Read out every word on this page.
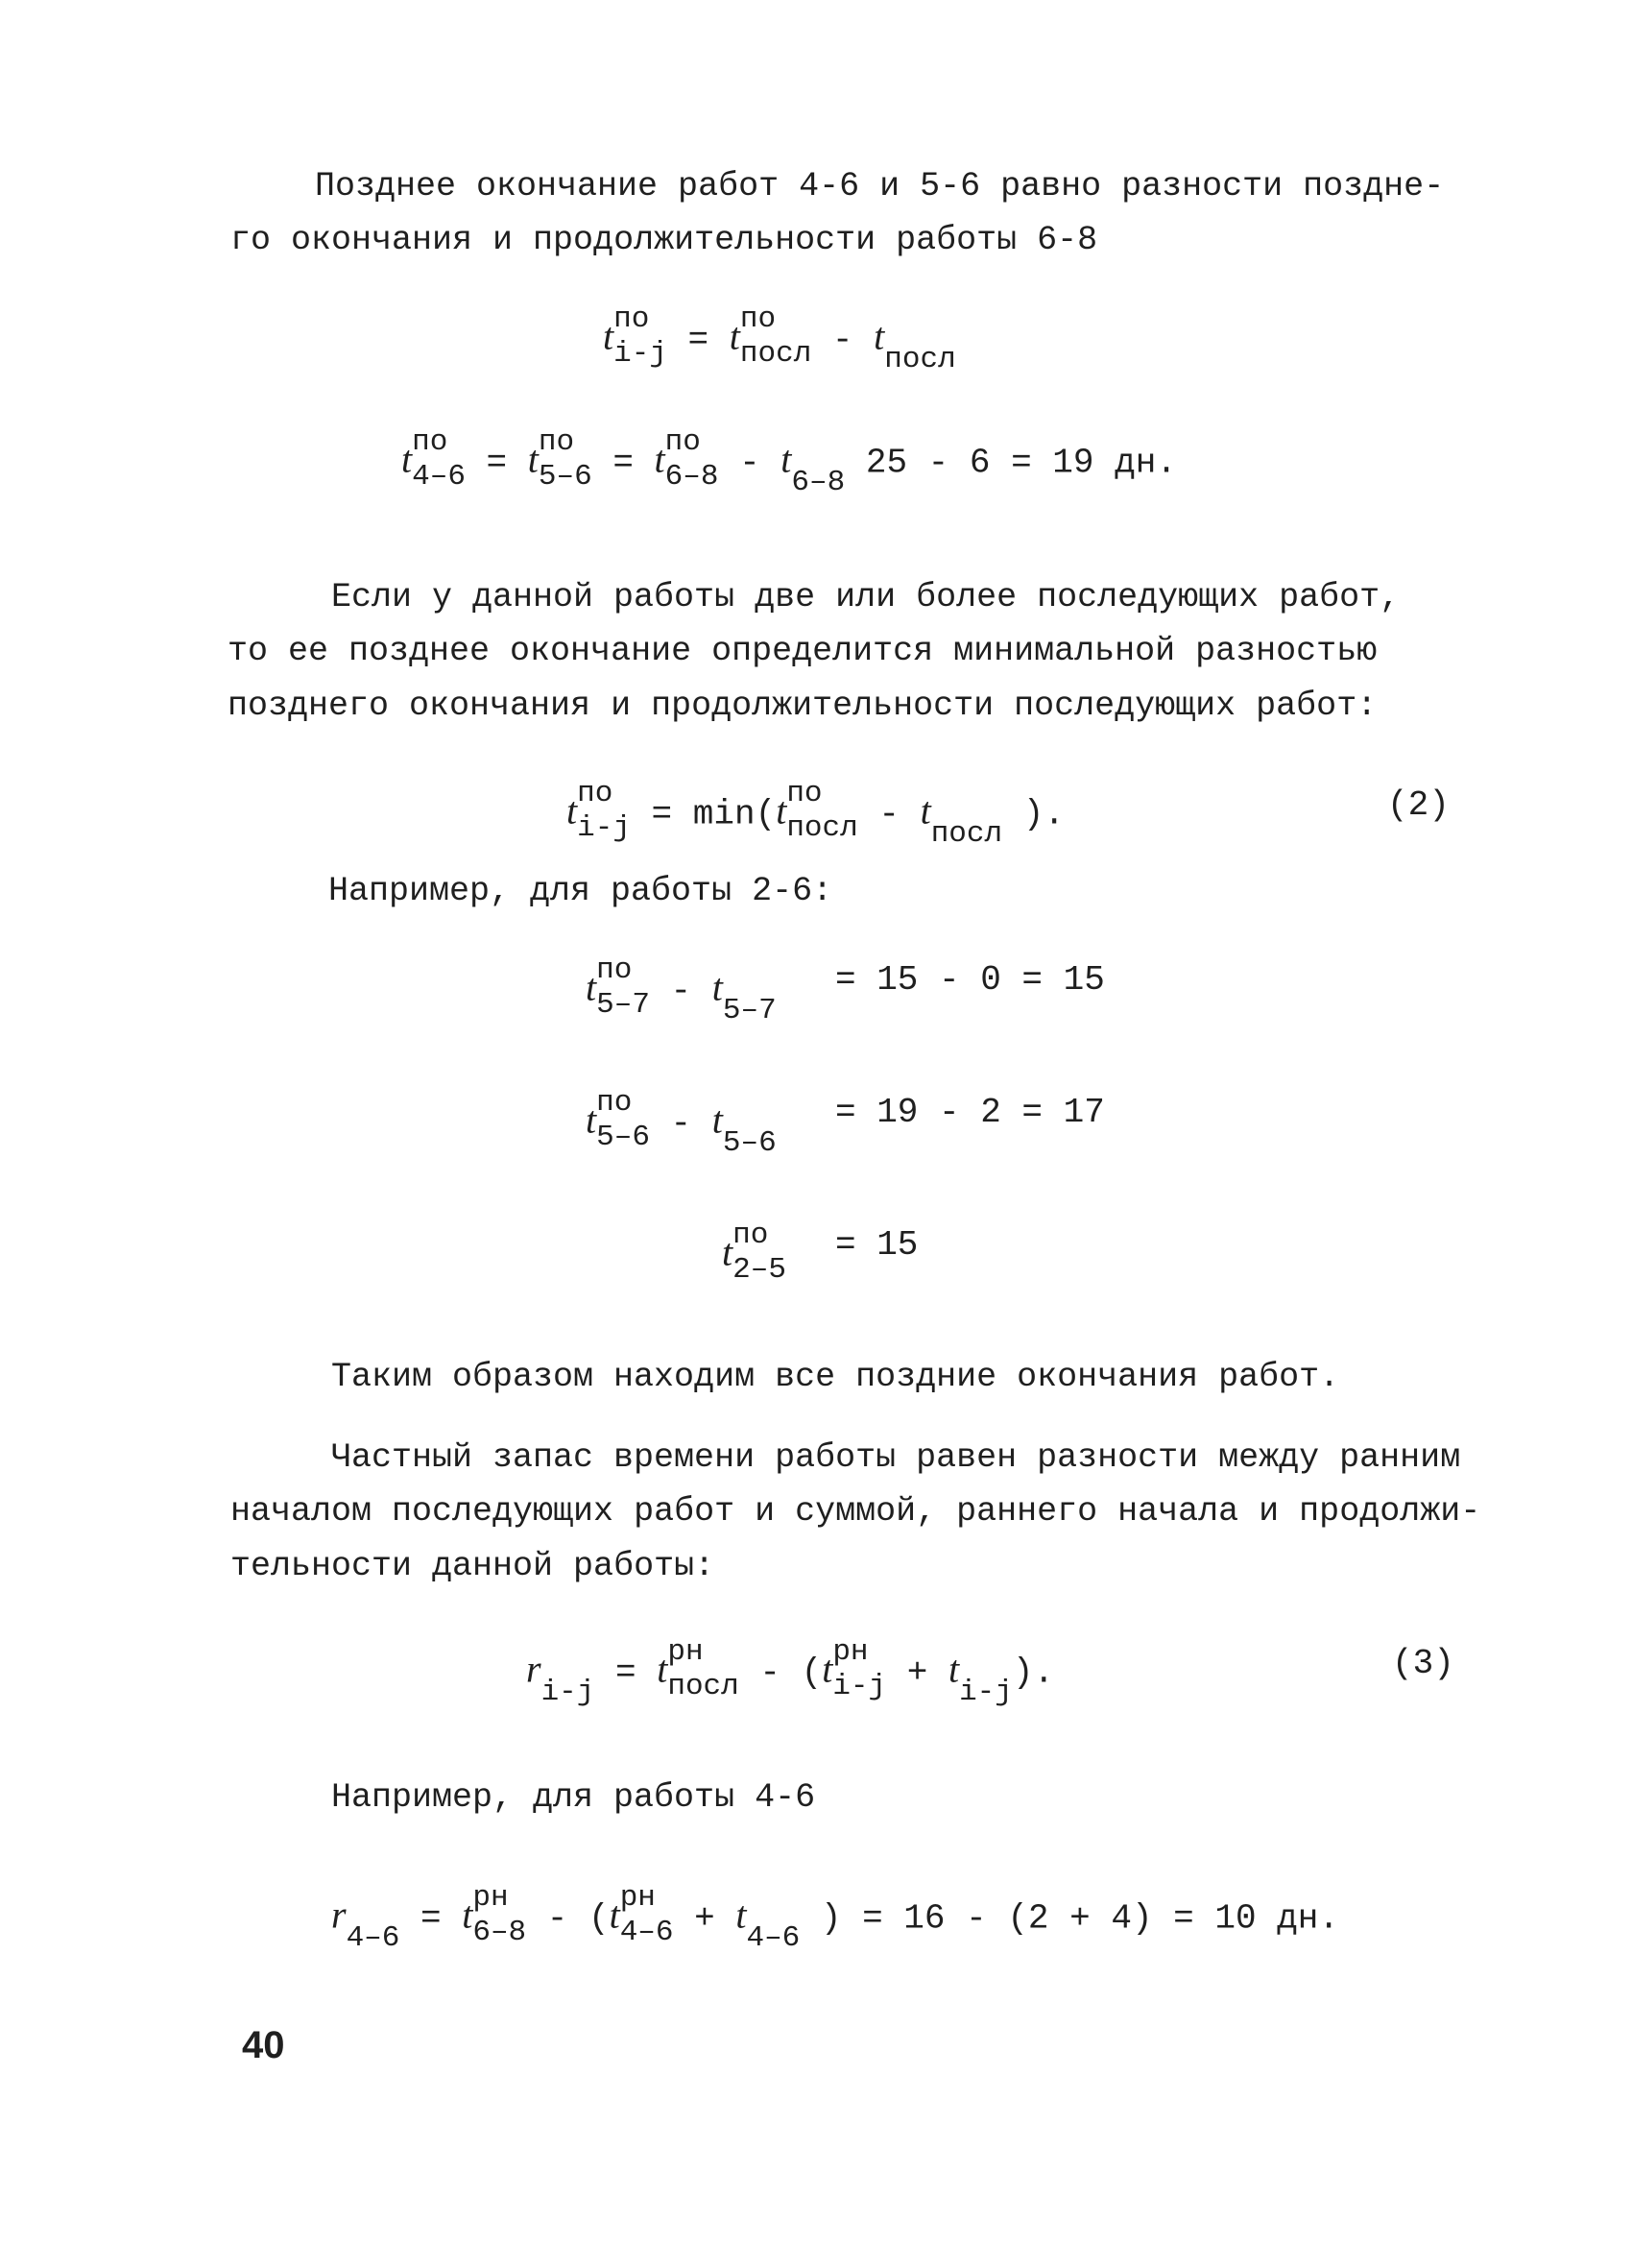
Позднее окончание работ 4-6 и 5-6 равно разности поздне-
го окончания и продолжительности работы 6-8
t по
i-j = t по
посл - tпосл
t по
4–6 = t по
5–6 = t по
6–8 - t6–8 25 - 6 = 19 дн.
Если у данной работы две или более последующих работ,
то ее позднее окончание определится минимальной разностью
позднего окончания и продолжительности последующих работ:
t по
i-j = min(t по
посл - tпосл ).	(2)
Например, для работы 2-6:
t по
5–7 - t5–7
= 15 - 0 = 15
t по
5–6 - t5–6
= 19 - 2 = 17
t по
2–5
= 15
Таким образом находим все поздние окончания работ.
Частный запас времени работы равен разности между ранним
началом последующих работ и суммой, раннего начала и продолжи-
тельности данной работы:
ri-j = t рн
посл - (t рн
i-j + ti-j).	(3)
Например, для работы 4-6
r4–6 = t рн
6–8 - (t рн
4–6 + t4–6 ) = 16 - (2 + 4) = 10 дн.
40
